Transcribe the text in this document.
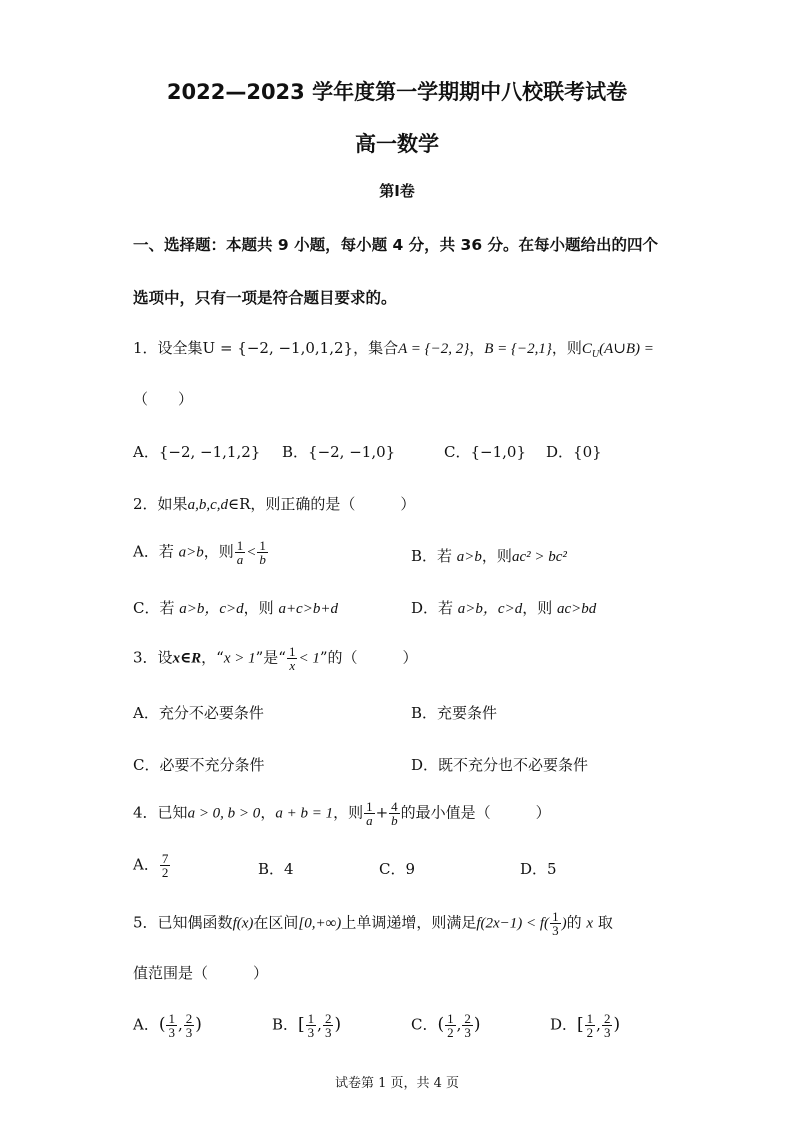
2022—2023 学年度第一学期期中八校联考试卷
高一数学
第Ⅰ卷
一、选择题：本题共 9 小题，每小题 4 分，共 36 分。在每小题给出的四个
选项中，只有一项是符合题目要求的。
1．设全集U = {−2, −1,0,1,2}，集合A = {−2, 2}，B = {−2,1}，则$C_U(A\cup B)$ =
（　　）
A．{−2, −1,1,2} B．{−2, −1,0}	C．{−1,0} D．{0}
2．如果a,b,c,d∈R，则正确的是（　　　）
A．若 a>b，则 $\frac{1}{a} < \frac{1}{b}$	B．若 a>b，则ac² > bc²
C．若 a>b，c>d，则 a+c>b+d	D．若 a>b，c>d，则 ac>bd
3．设x∈R，“x > 1”是“ $\frac{1}{x} < 1$”的（　　　）
A．充分不必要条件	B．充要条件
C．必要不充分条件	D．既不充分也不必要条件
4．已知a > 0, b > 0，a + b = 1，则 $\frac{1}{a} + \frac{4}{b}$ 的最小值是（　　　）
A． $\frac{7}{2}$	B．4	C．9	D．5
5．已知偶函数f(x)在区间[0,+∞)上单调递增，则满足$f(2x-1) < f( \frac{1}{3}$ )的 x 取
值范围是（　　　）
A．( $\frac{1}{3}$ , $\frac{2}{3}$ )	B．[ $\frac{1}{3}$ , $\frac{2}{3}$ )	C．( $\frac{1}{2}$ , $\frac{2}{3}$ )	D．[ $\frac{1}{2}$ , $\frac{2}{3}$ )
试卷第 1 页，共 4 页
